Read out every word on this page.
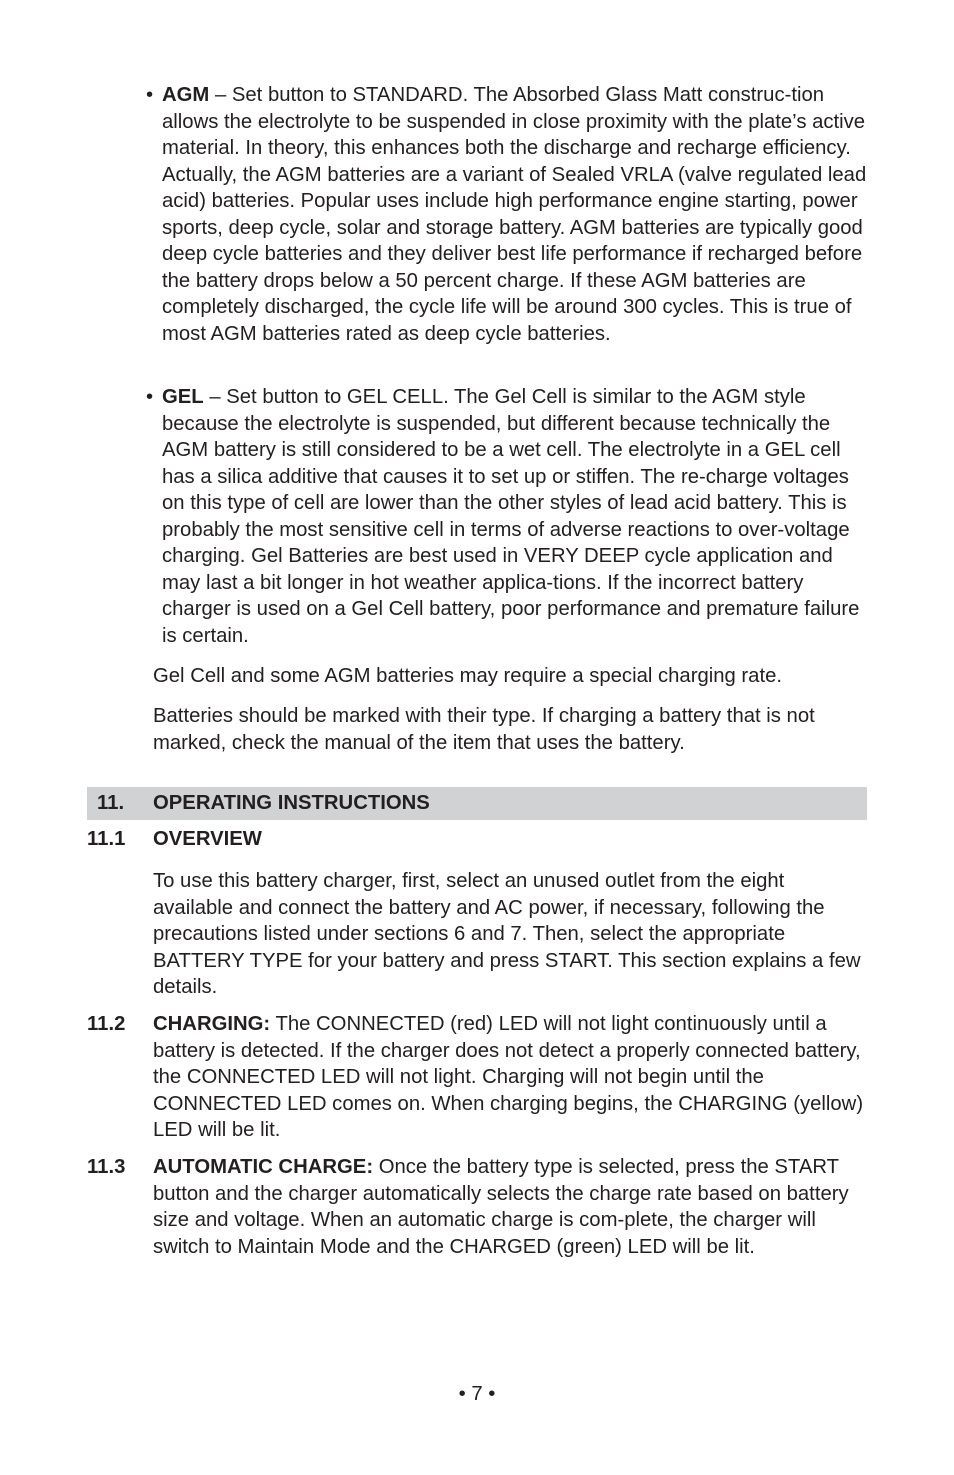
• AGM – Set button to STANDARD. The Absorbed Glass Matt construc-tion allows the electrolyte to be suspended in close proximity with the plate’s active material. In theory, this enhances both the discharge and recharge efficiency. Actually, the AGM batteries are a variant of Sealed VRLA (valve regulated lead acid) batteries. Popular uses include high performance engine starting, power sports, deep cycle, solar and storage battery. AGM batteries are typically good deep cycle batteries and they deliver best life performance if recharged before the battery drops below a 50 percent charge. If these AGM batteries are completely discharged, the cycle life will be around 300 cycles. This is true of most AGM batteries rated as deep cycle batteries.
• GEL – Set button to GEL CELL. The Gel Cell is similar to the AGM style because the electrolyte is suspended, but different because technically the AGM battery is still considered to be a wet cell. The electrolyte in a GEL cell has a silica additive that causes it to set up or stiffen. The re-charge voltages on this type of cell are lower than the other styles of lead acid battery. This is probably the most sensitive cell in terms of adverse reactions to over-voltage charging. Gel Batteries are best used in VERY DEEP cycle application and may last a bit longer in hot weather applica-tions. If the incorrect battery charger is used on a Gel Cell battery, poor performance and premature failure is certain.
Gel Cell and some AGM batteries may require a special charging rate.
Batteries should be marked with their type. If charging a battery that is not marked, check the manual of the item that uses the battery.
11. OPERATING INSTRUCTIONS
11.1 OVERVIEW
To use this battery charger, first, select an unused outlet from the eight available and connect the battery and AC power, if necessary, following the precautions listed under sections 6 and 7. Then, select the appropriate BATTERY TYPE for your battery and press START. This section explains a few details.
11.2 CHARGING: The CONNECTED (red) LED will not light continuously until a battery is detected. If the charger does not detect a properly connected battery, the CONNECTED LED will not light. Charging will not begin until the CONNECTED LED comes on. When charging begins, the CHARGING (yellow) LED will be lit.
11.3 AUTOMATIC CHARGE: Once the battery type is selected, press the START button and the charger automatically selects the charge rate based on battery size and voltage. When an automatic charge is com-plete, the charger will switch to Maintain Mode and the CHARGED (green) LED will be lit.
• 7 •
